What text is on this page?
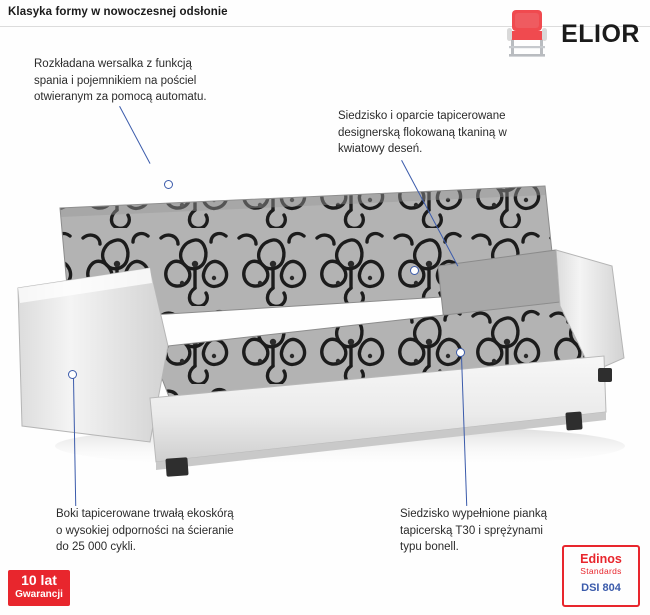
Klasyka formy w nowoczesnej odsłonie
ELIOR
Rozkładana wersalka z funkcją
spania i pojemnikiem na pościel
otwieranym za pomocą automatu.
Siedzisko i oparcie tapicerowane
designerską flokowaną tkaniną w
kwiatowy deseń.
Boki tapicerowane trwałą ekoskórą
o wysokiej odporności na ścieranie
do 25 000 cykli.
Siedzisko wypełnione pianką
tapicerską T30 i sprężynami
typu bonell.
10 lat
Gwarancji
Edinos
Standards
DSI 804
